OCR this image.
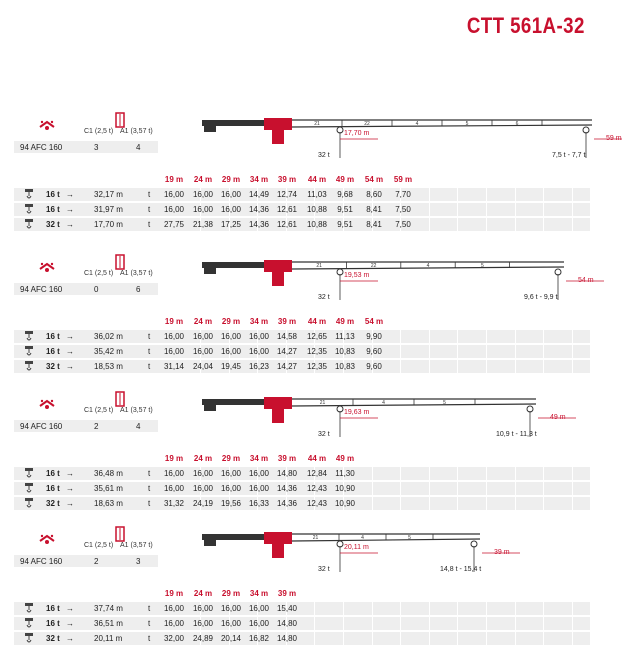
CTT 561A-32
C1 (2,5 t) A1 (3,57 t)
94 AFC 160	3	4
21	22	4	5	6
17,70 m
32 t	7,5 t - 7,7 t
59 m
19 m	24 m	29 m	34 m	39 m	44 m	49 m	54 m	59 m
16 t →	32,17 m	t	16,00	16,00 16,00 14,49 12,74	11,03	9,68	8,60	7,70
16 t →	31,97 m	t	16,00	16,00 16,00 14,36 12,61	10,88	9,51	8,41	7,50
32 t →	17,70 m	t	27,75	21,38 17,25 14,36 12,61	10,88	9,51	8,41	7,50
C1 (2,5 t) A1 (3,57 t)
94 AFC 160	0	6
21	22	4	5
19,53 m
32 t	9,6 t - 9,9 t
54 m
19 m	24 m	29 m	34 m	39 m	44 m	49 m	54 m
16 t →	36,02 m	t	16,00	16,00 16,00 16,00 14,58	12,65	11,13	9,90
16 t →	35,42 m	t	16,00	16,00 16,00 16,00 14,27	12,35 10,83	9,60
32 t →	18,53 m	t	31,14	24,04 19,45 16,23 14,27	12,35 10,83	9,60
C1 (2,5 t) A1 (3,57 t)
94 AFC 160	2	4
21	4	5
19,63 m
32 t	10,9 t - 11,3 t
49 m
19 m	24 m	29 m	34 m	39 m	44 m	49 m
16 t →	36,48 m	t	16,00	16,00 16,00 16,00 14,80	12,84	11,30
16 t →	35,61 m	t	16,00	16,00 16,00 16,00 14,36	12,43 10,90
32 t →	18,63 m	t	31,32	24,19 19,56 16,33 14,36	12,43 10,90
C1 (2,5 t) A1 (3,57 t)
94 AFC 160	2	3
21	4	5
20,11 m
32 t	14,8 t - 15,4 t
39 m
19 m	24 m	29 m	34 m	39 m
16 t →	37,74 m	t	16,00	16,00 16,00 16,00 15,40
16 t →	36,51 m	t	16,00	16,00 16,00 16,00 14,80
32 t →	20,11 m	t	32,00	24,89 20,14 16,82 14,80
